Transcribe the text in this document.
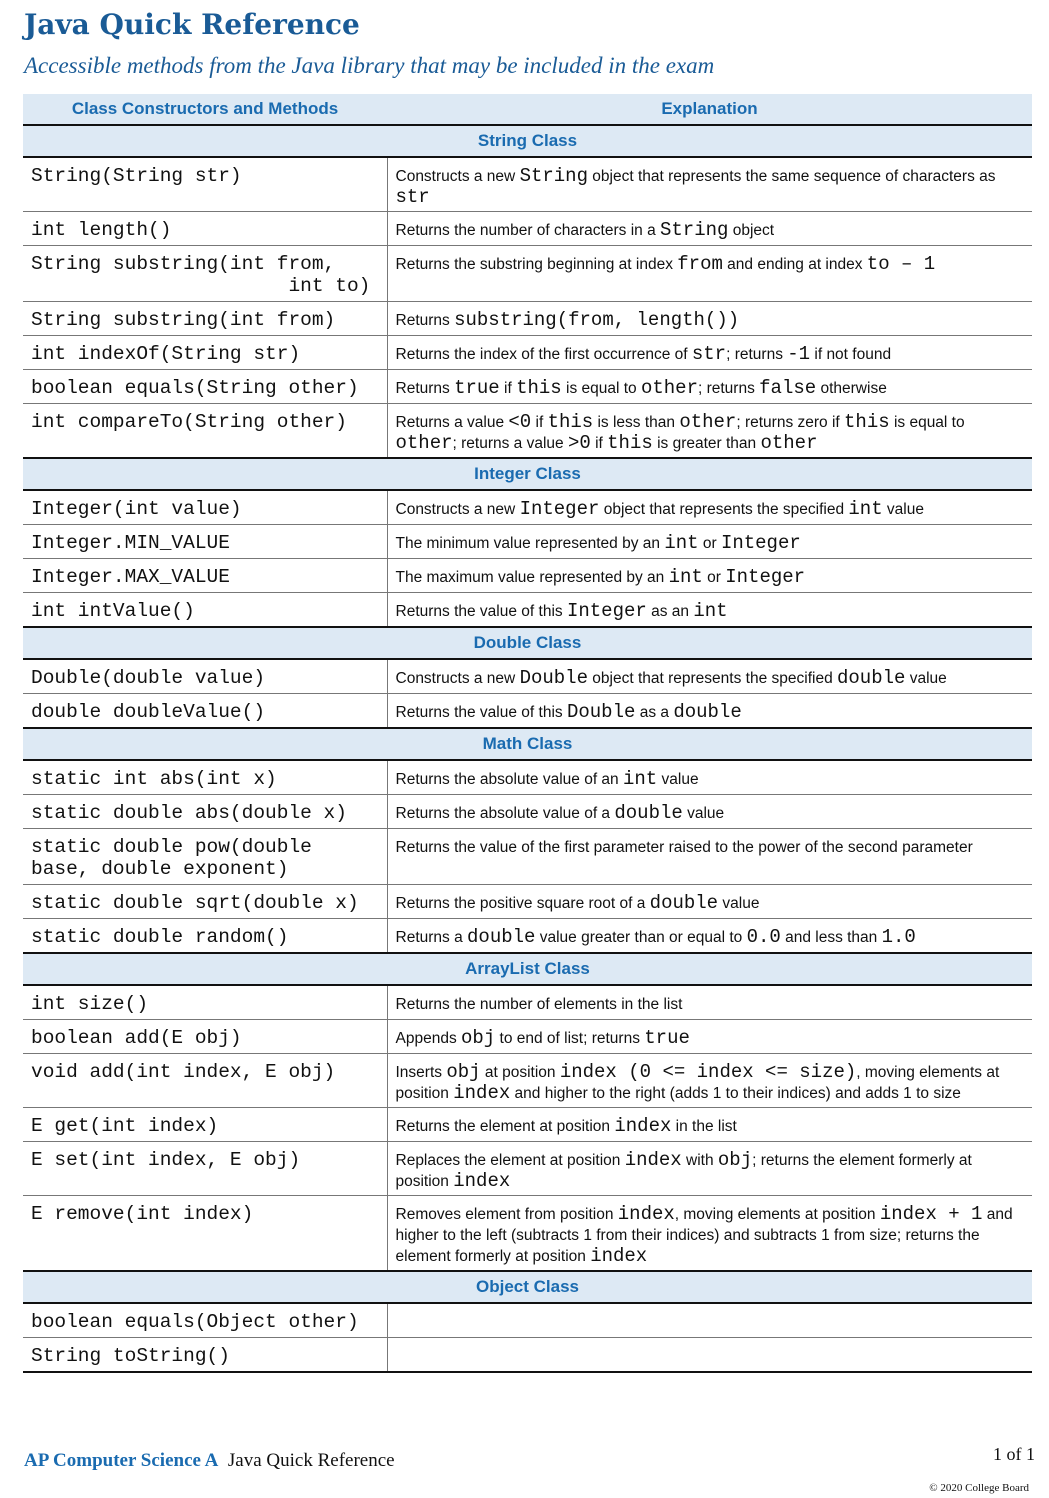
Java Quick Reference

Accessible methods from the Java library that may be included in the exam

Class Constructors and Methods	Explanation
String Class	
String(String str)	Constructs a new String object that represents the same sequence of characters as str
int length()	Returns the number of characters in a String object
String substring(int from,
int to)	Returns the substring beginning at index from and ending at index to – 1
String substring(int from)	Returns substring(from, length())
int indexOf(String str)	Returns the index of the first occurrence of str; returns -1 if not found
boolean equals(String other)	Returns true if this is equal to other; returns false otherwise
int compareTo(String other)	Returns a value <0 if this is less than other; returns zero if this is equal to other; returns a value >0 if this is greater than other
Integer Class	
Integer(int value)	Constructs a new Integer object that represents the specified int value
Integer.MIN_VALUE	The minimum value represented by an int or Integer
Integer.MAX_VALUE	The maximum value represented by an int or Integer
int intValue()	Returns the value of this Integer as an int
Double Class	
Double(double value)	Constructs a new Double object that represents the specified double value
double doubleValue()	Returns the value of this Double as a double
Math Class	
static int abs(int x)	Returns the absolute value of an int value
static double abs(double x)	Returns the absolute value of a double value
static double pow(double
base, double exponent)	Returns the value of the first parameter raised to the power of the second parameter
static double sqrt(double x)	Returns the positive square root of a double value
static double random()	Returns a double value greater than or equal to 0.0 and less than 1.0
ArrayList Class	
int size()	Returns the number of elements in the list
boolean add(E obj)	Appends obj to end of list; returns true
void add(int index, E obj)	Inserts obj at position index (0 <= index <= size), moving elements at position index and higher to the right (adds 1 to their indices) and adds 1 to size
E get(int index)	Returns the element at position index in the list
E set(int index, E obj)	Replaces the element at position index with obj; returns the element formerly at position index
E remove(int index)	Removes element from position index, moving elements at position index + 1 and higher to the left (subtracts 1 from their indices) and subtracts 1 from size; returns the element formerly at position index
Object Class	
boolean equals(Object other)	
String toString()	
AP Computer Science A Java Quick Reference	1 of 1
© 2020 College Board
